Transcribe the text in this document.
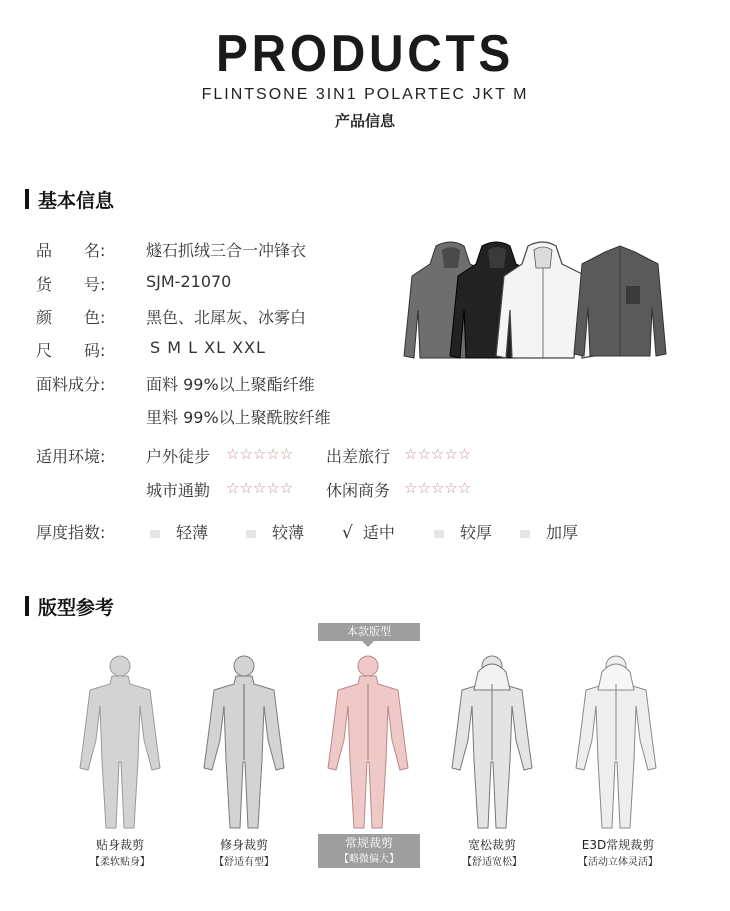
PRODUCTS
FLINTSONE 3IN1 POLARTEC JKT M
产品信息
基本信息
品　　名:	燧石抓绒三合一冲锋衣
货　　号:	SJM-21070
颜　　色:	黑色、北犀灰、冰雾白
尺　　码:	S M L XL XXL
面料成分:	面料 99%以上聚酯纤维
里料 99%以上聚酰胺纤维
适用环境:	户外徒步 ☆☆☆☆☆ 出差旅行 ☆☆☆☆☆
城市通勤 ☆☆☆☆☆ 休闲商务 ☆☆☆☆☆
厚度指数:	轻薄	较薄 √ 适中	较厚	加厚
版型参考
本款版型
贴身裁剪
【柔软贴身】
修身裁剪
【舒适有型】
常规裁剪
【略微偏大】
宽松裁剪
【舒适宽松】
E3D常规裁剪
【活动立体灵活】
